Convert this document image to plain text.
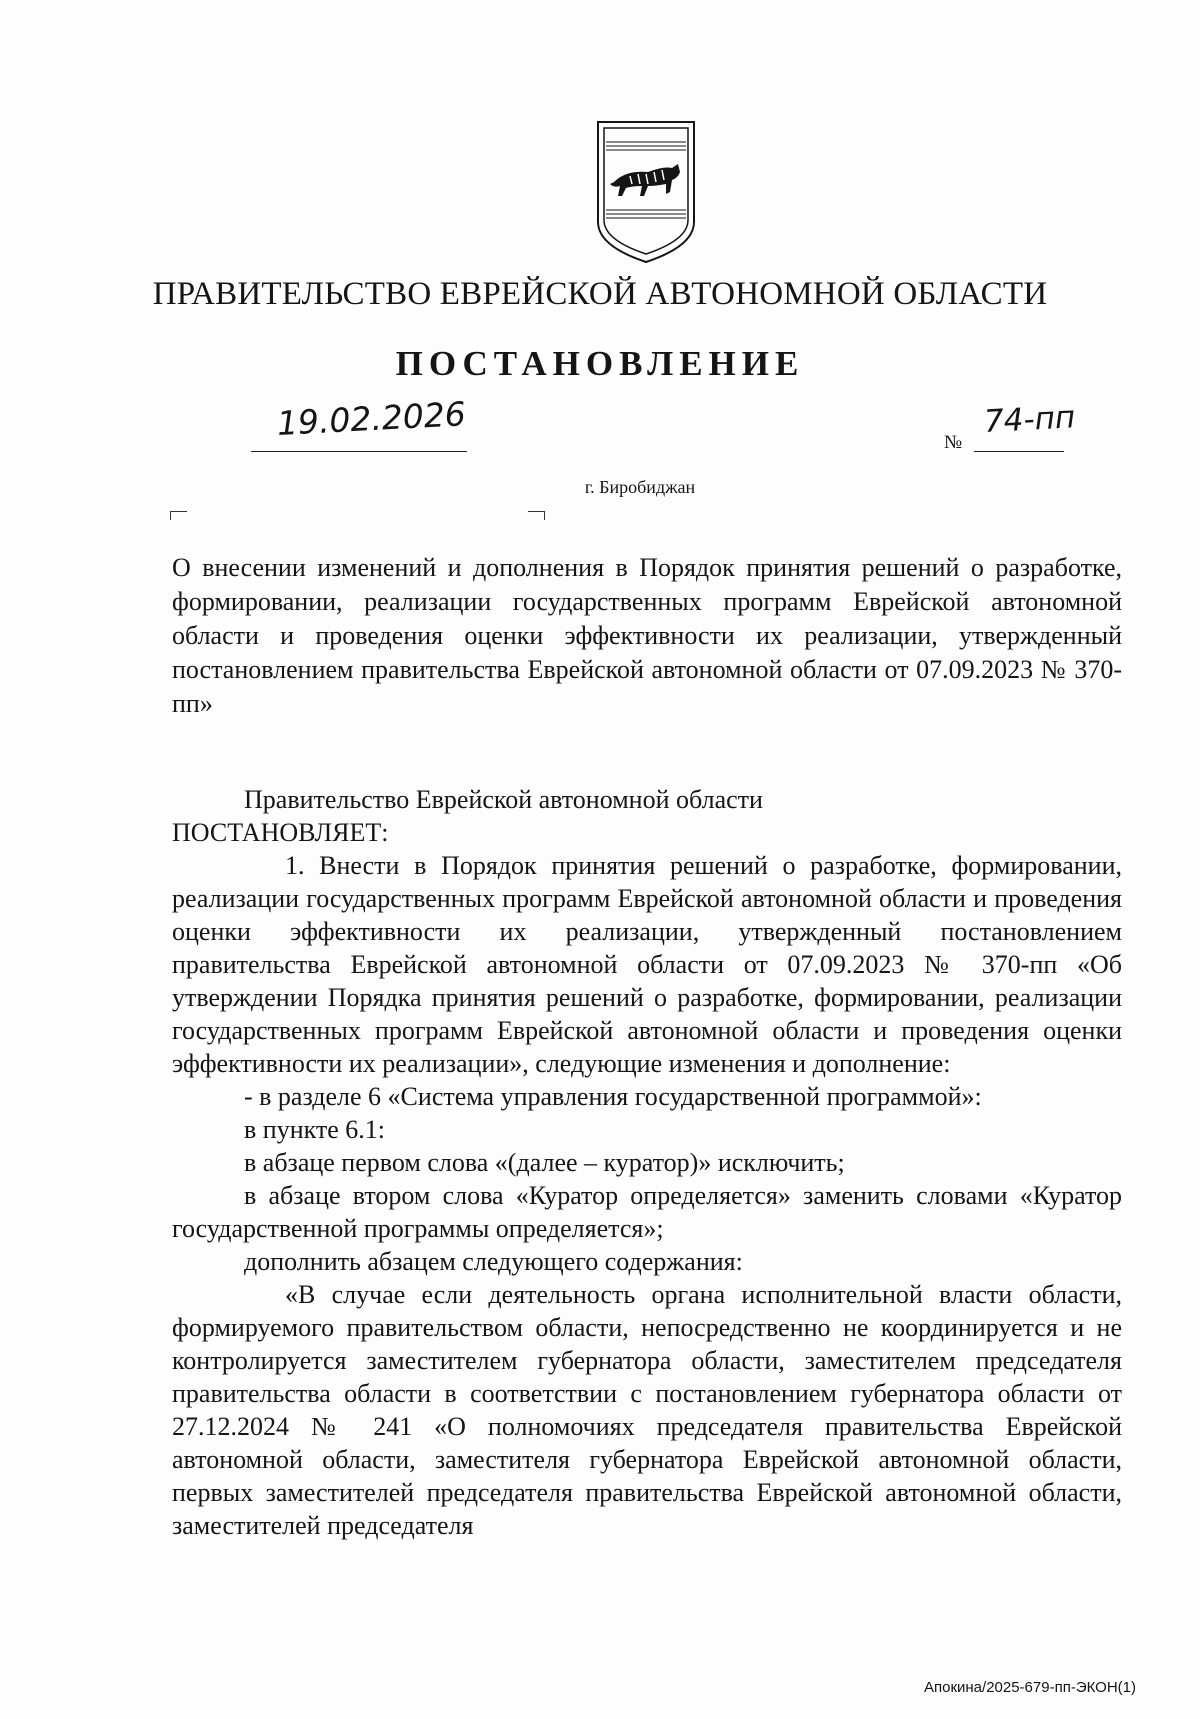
ПРАВИТЕЛЬСТВО ЕВРЕЙСКОЙ АВТОНОМНОЙ ОБЛАСТИ
ПОСТАНОВЛЕНИЕ
19.02.2026	№
74-пп
г. Биробиджан

О внесении изменений и дополнения в Порядок принятия решений о разработке, формировании, реализации государственных программ Еврейской автономной области и проведения оценки эффективности их реализации, утвержденный постановлением правительства Еврейской автономной области от 07.09.2023 № 370-пп»

Правительство Еврейской автономной области
ПОСТАНОВЛЯЕТ:
1. Внести в Порядок принятия решений о разработке, формировании, реализации государственных программ Еврейской автономной области и проведения оценки эффективности их реализации, утвержденный постановлением правительства Еврейской автономной области от 07.09.2023 № 370-пп «Об утверждении Порядка принятия решений о разработке, формировании, реализации государственных программ Еврейской автономной области и проведения оценки эффективности их реализации», следующие изменения и дополнение:
- в разделе 6 «Система управления государственной программой»:
в пункте 6.1:
в абзаце первом слова «(далее – куратор)» исключить;
в абзаце втором слова «Куратор определяется» заменить словами «Куратор государственной программы определяется»;
дополнить абзацем следующего содержания:
«В случае если деятельность органа исполнительной власти области, формируемого правительством области, непосредственно не координируется и не контролируется заместителем губернатора области, заместителем председателя правительства области в соответствии с постановлением губернатора области от 27.12.2024 № 241 «О полномочиях председателя правительства Еврейской автономной области, заместителя губернатора Еврейской автономной области, первых заместителей председателя правительства Еврейской автономной области, заместителей председателя
Апокина/2025-679-пп-ЭКОН(1)
